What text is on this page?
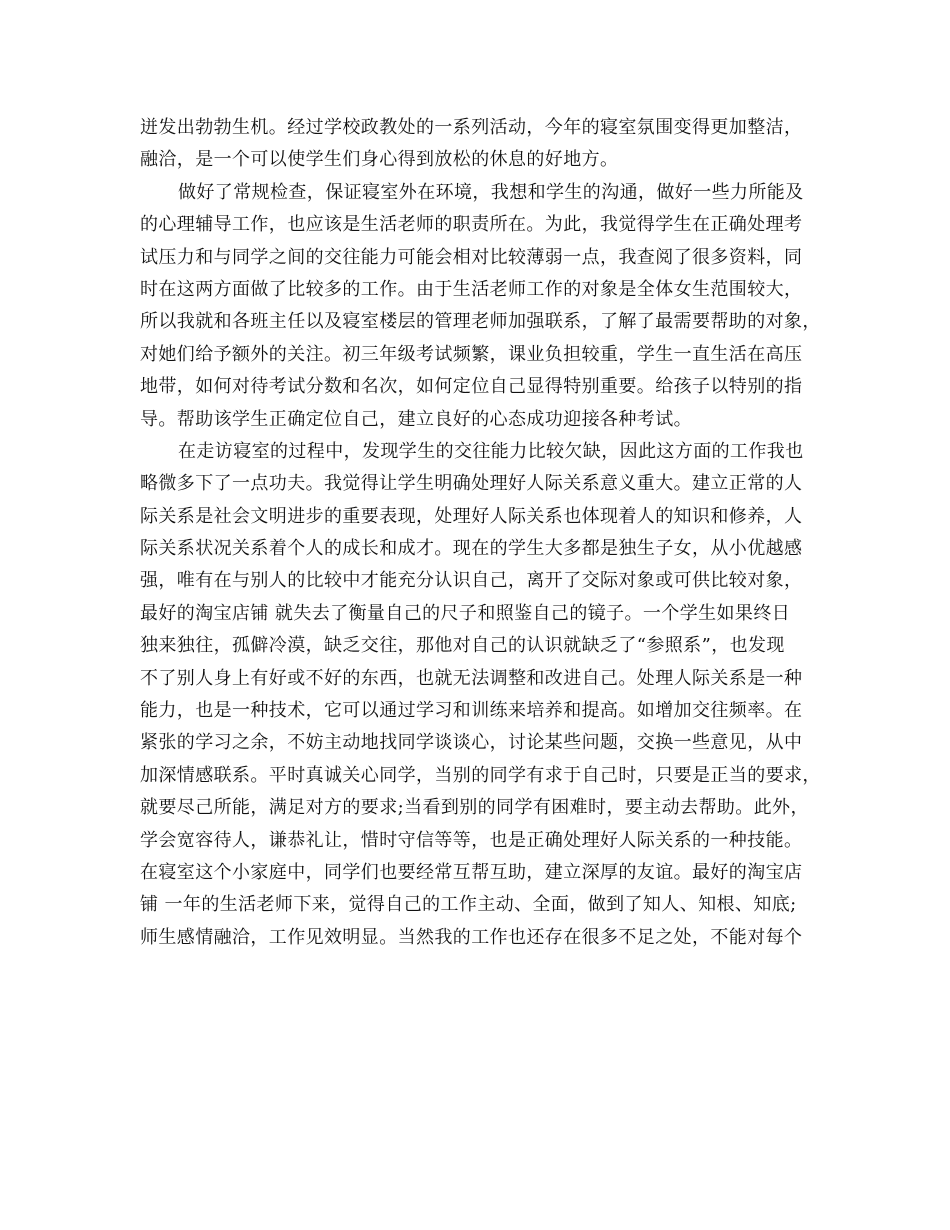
迸发出勃勃生机。经过学校政教处的一系列活动，今年的寝室氛围变得更加整洁，
融洽，是一个可以使学生们身心得到放松的休息的好地方。
做好了常规检查，保证寝室外在环境，我想和学生的沟通，做好一些力所能及
的心理辅导工作，也应该是生活老师的职责所在。为此，我觉得学生在正确处理考
试压力和与同学之间的交往能力可能会相对比较薄弱一点，我查阅了很多资料，同
时在这两方面做了比较多的工作。由于生活老师工作的对象是全体女生范围较大，
所以我就和各班主任以及寝室楼层的管理老师加强联系，了解了最需要帮助的对象，
对她们给予额外的关注。初三年级考试频繁，课业负担较重，学生一直生活在高压
地带，如何对待考试分数和名次，如何定位自己显得特别重要。给孩子以特别的指
导。帮助该学生正确定位自己，建立良好的心态成功迎接各种考试。
在走访寝室的过程中，发现学生的交往能力比较欠缺，因此这方面的工作我也
略微多下了一点功夫。我觉得让学生明确处理好人际关系意义重大。建立正常的人
际关系是社会文明进步的重要表现，处理好人际关系也体现着人的知识和修养，人
际关系状况关系着个人的成长和成才。现在的学生大多都是独生子女，从小优越感
强，唯有在与别人的比较中才能充分认识自己，离开了交际对象或可供比较对象，
最好的淘宝店铺 就失去了衡量自己的尺子和照鉴自己的镜子。一个学生如果终日
独来独往，孤僻冷漠，缺乏交往，那他对自己的认识就缺乏了“参照系”，也发现
不了别人身上有好或不好的东西，也就无法调整和改进自己。处理人际关系是一种
能力，也是一种技术，它可以通过学习和训练来培养和提高。如增加交往频率。在
紧张的学习之余，不妨主动地找同学谈谈心，讨论某些问题，交换一些意见，从中
加深情感联系。平时真诚关心同学，当别的同学有求于自己时，只要是正当的要求，
就要尽己所能，满足对方的要求;当看到别的同学有困难时，要主动去帮助。此外，
学会宽容待人，谦恭礼让，惜时守信等等，也是正确处理好人际关系的一种技能。
在寝室这个小家庭中，同学们也要经常互帮互助，建立深厚的友谊。最好的淘宝店
铺 一年的生活老师下来，觉得自己的工作主动、全面，做到了知人、知根、知底;
师生感情融洽，工作见效明显。当然我的工作也还存在很多不足之处，不能对每个
